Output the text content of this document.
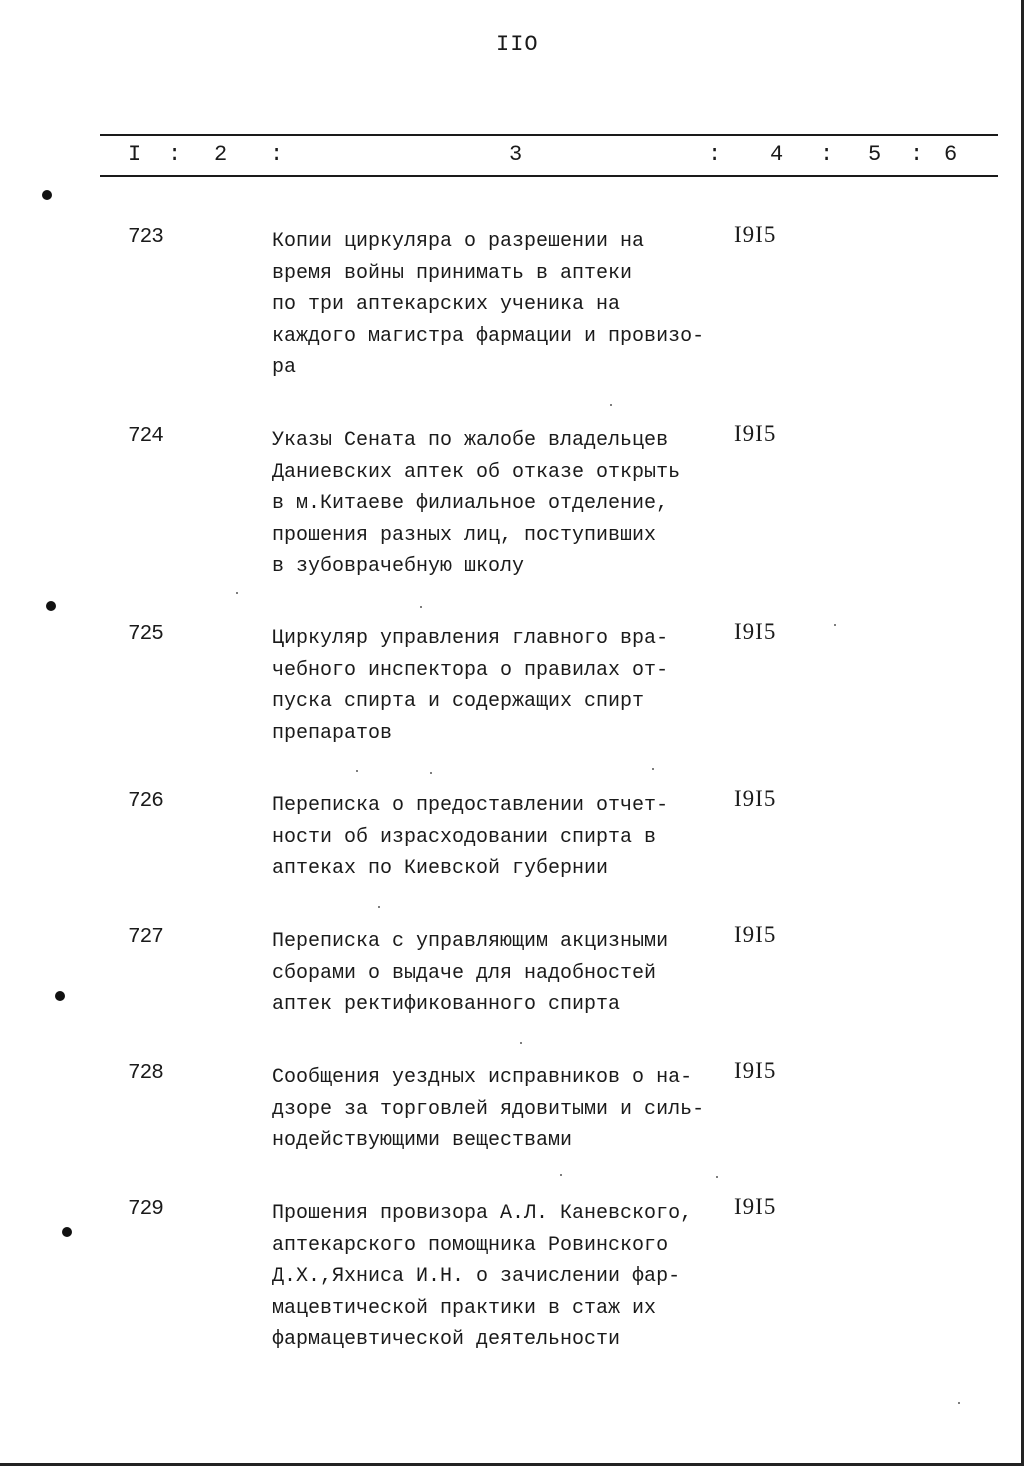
IIO
I : 2 :	3	: 4 : 5 : 6
723	Копии циркуляра о разрешении на
время войны принимать в аптеки
по три аптекарских ученика на
каждого магистра фармации и провизо-
ра
I9I5
724	Указы Сената по жалобе владельцев
Даниевских аптек об отказе открыть
в м.Китаеве филиальное отделение,
прошения разных лиц, поступивших
в зубоврачебную школу
I9I5
725	Циркуляр управления главного вра-
чебного инспектора о правилах от-
пуска спирта и содержащих спирт
препаратов
I9I5
726	Переписка о предоставлении отчет-
ности об израсходовании спирта в
аптеках по Киевской губернии
I9I5
727	Переписка с управляющим акцизными
сборами о выдаче для надобностей
аптек ректификованного спирта
I9I5
728	Сообщения уездных исправников о на-
дзоре за торговлей ядовитыми и силь-
нодействующими веществами
I9I5
729	Прошения провизора А.Л. Каневского,
аптекарского помощника Ровинского
Д.Х.,Яхниса И.Н. о зачислении фар-
мацевтической практики в стаж их
фармацевтической деятельности
I9I5
